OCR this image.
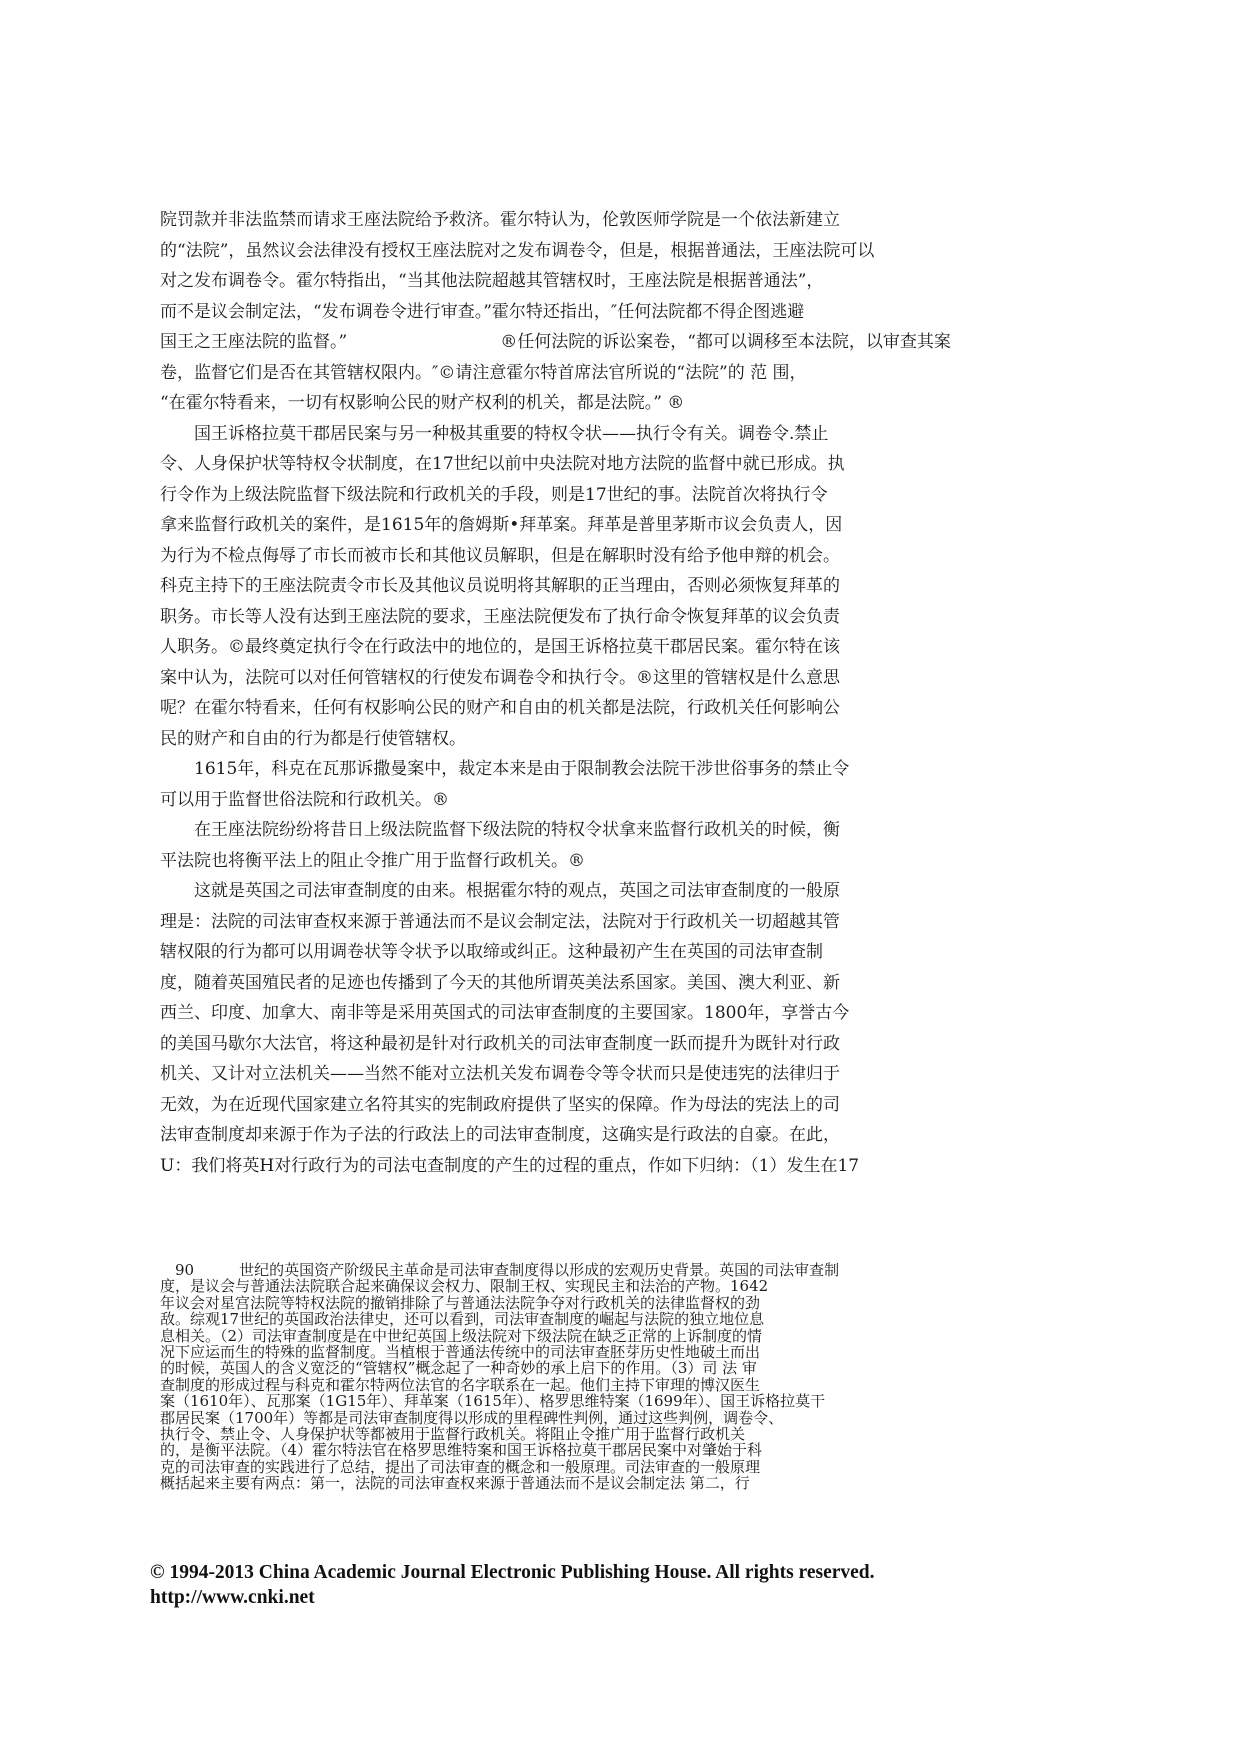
院罚款并非法监禁而请求王座法院给予救济。霍尔特认为，伦敦医师学院是一个依法新建立
的“法院”，虽然议会法律没有授权王座法脘对之发布调卷令，但是，根据普通法，王座法院可以
对之发布调卷令。霍尔特指出，“当其他法院超越其管辖权时，王座法院是根据普通法”，
而不是议会制定法，“发布调卷令进行审查。”霍尔特还指出，″任何法院都不得企图逃避
国王之王座法院的监督。”　　　　　　　　　®任何法院的诉讼案卷，“都可以调移至本法院，以审查其案
卷，监督它们是否在其管辖权限内。″©请注意霍尔特首席法官所说的“法院”的 范 围，
“在霍尔特看来，一切有权影响公民的财产权利的机关，都是法院。” ®
　　国王诉格拉莫干郡居民案与另一种极其重要的特权令状——执行令有关。调卷令.禁止
令、人身保护状等特权令状制度，在17世纪以前中央法院对地方法院的监督中就已形成。执
行令作为上级法院监督下级法院和行政机关的手段，则是17世纪的事。法院首次将执行令
拿来监督行政机关的案件，是1615年的詹姆斯•拜革案。拜革是普里茅斯市议会负责人，因
为行为不检点侮辱了市长而被市长和其他议员解职，但是在解职时没有给予他申辩的机会。
科克主持下的王座法院责令市长及其他议员说明将其解职的正当理由，否则必须恢复拜革的
职务。市长等人没有达到王座法院的要求，王座法院便发布了执行命令恢复拜革的议会负责
人职务。©最终奠定执行令在行政法中的地位的，是国王诉格拉莫干郡居民案。霍尔特在该
案中认为，法院可以对任何管辖权的行使发布调卷令和执行令。®这里的管辖权是什么意思
呢？在霍尔特看来，任何有权影响公民的财产和自由的机关都是法院，行政机关任何影响公
民的财产和自由的行为都是行使管辖权。
　　1615年，科克在瓦那诉撒曼案中，裁定本来是由于限制教会法院干涉世俗事务的禁止令
可以用于监督世俗法院和行政机关。®
　　在王座法院纷纷将昔日上级法院监督下级法院的特权令状拿来监督行政机关的时候，衡
平法院也将衡平法上的阻止令推广用于监督行政机关。®
　　这就是英国之司法审查制度的由来。根据霍尔特的观点，英国之司法审查制度的一般原
理是：法院的司法审查权来源于普通法而不是议会制定法，法院对于行政机关一切超越其管
辖权限的行为都可以用调卷状等令状予以取缔或纠正。这种最初产生在英国的司法审查制
度，随着英国殖民者的足迹也传播到了今天的其他所谓英美法系国家。美国、澳大利亚、新
西兰、印度、加拿大、南非等是采用英国式的司法审查制度的主要国家。1800年，享誉古今
的美国马歇尔大法官，将这种最初是针对行政机关的司法审查制度一跃而提升为既针对行政
机关、又计对立法机关——当然不能对立法机关发布调卷令等令状而只是使违宪的法律归于
无效，为在近现代国家建立名符其实的宪制政府提供了坚实的保障。作为母法的宪法上的司
法审查制度却来源于作为子法的行政法上的司法审查制度，这确实是行政法的自豪。在此，
U：我们将英H对行政行为的司法屯查制度的产生的过程的重点，作如下归纳：（1）发生在17
　90　　　世纪的英国资产阶级民主革命是司法审查制度得以形成的宏观历史背景。英国的司法审查制
度，是议会与普通法法院联合起来确保议会权力、限制王权、实现民主和法治的产物。1642
年议会对星宫法院等特权法院的撤销排除了与普通法法院争夺对行政机关的法律监督权的劲
敌。综观17世纪的英国政治法律史，还可以看到，司法审查制度的崛起与法院的独立地位息
息相关。（2）司法审查制度是在中世纪英国上级法院对下级法院在缺乏正常的上诉制度的情
况下应运而生的特殊的监督制度。当植根于普通法传统中的司法审查胚芽历史性地破土而出
的时候，英国人的含义宽泛的“管辖权”概念起了一种奇妙的承上启下的作用。（3）司 法 审
查制度的形成过程与科克和霍尔特两位法官的名字联系在一起。他们主持下审理的博汉医生
案（1610年）、瓦那案（1G15年）、拜革案（1615年）、格罗思维特案（1699年）、国王诉格拉莫干
郡居民案（1700年）等都是司法审查制度得以形成的里程碑性判例，通过这些判例，调卷令、
执行令、禁止令、人身保护状等都被用于监督行政机关。将阻止令推广用于监督行政机关
的，是衡平法院。（4）霍尔特法官在格罗思维特案和国王诉格拉莫干郡居民案中对肇始于科
克的司法审查的实践进行了总结，提出了司法审查的概念和一般原理。司法审查的一般原理
概括起来主要有两点：第一，法院的司法审查权来源于普通法而不是议会制定法 第二，行
© 1994-2013 China Academic Journal Electronic Publishing House. All rights reserved.
http://www.cnki.net
